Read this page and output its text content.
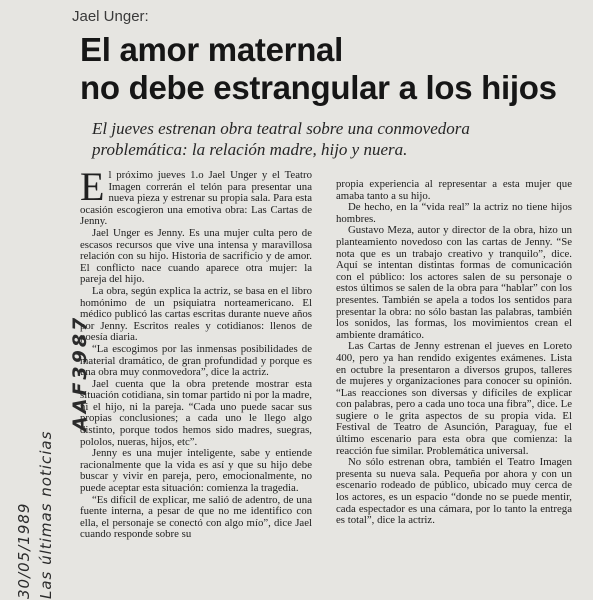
Jael Unger:
El amor maternal
no debe estrangular a los hijos
El jueves estrenan obra teatral sobre una conmovedora problemática: la relación madre, hijo y nuera.

El próximo jueves 1.o Jael Unger y el Teatro Imagen correrán el telón para presentar una nueva pieza y estrenar su propia sala. Para esta ocasión escogieron una emotiva obra: Las Cartas de Jenny.

Jael Unger es Jenny. Es una mujer culta pero de escasos recursos que vive una intensa y maravillosa relación con su hijo. Historia de sacrificio y de amor. El conflicto nace cuando aparece otra mujer: la pareja del hijo.

La obra, según explica la actriz, se basa en el libro homónimo de un psiquiatra norteamericano. El médico publicó las cartas escritas durante nueve años por Jenny. Escritos reales y cotidianos: llenos de poesía diaria.

“La escogimos por las inmensas posibilidades de material dramático, de gran profundidad y porque es una obra muy conmovedora”, dice la actriz.

Jael cuenta que la obra pretende mostrar esta situación cotidiana, sin tomar partido ni por la madre, ni el hijo, ni la pareja. “Cada uno puede sacar sus propias conclusiones; a cada uno le llego algo distinto, porque todos hemos sido madres, suegras, pololos, nueras, hijos, etc”.

Jenny es una mujer inteligente, sabe y entiende racionalmente que la vida es así y que su hijo debe buscar y vivir en pareja, pero, emocionalmente, no puede aceptar esta situación: comienza la tragedia.

“Es difícil de explicar, me salió de adentro, de una fuente interna, a pesar de que no me identifico con ella, el personaje se conectó con algo mío”, dice Jael cuando responde sobre su

propia experiencia al representar a esta mujer que amaba tanto a su hijo.

De hecho, en la “vida real” la actriz no tiene hijos hombres.

Gustavo Meza, autor y director de la obra, hizo un planteamiento novedoso con las cartas de Jenny. “Se nota que es un trabajo creativo y tranquilo”, dice. Aquí se intentan distintas formas de comunicación con el público: los actores salen de su personaje o estos últimos se salen de la obra para “hablar” con los presentes. También se apela a todos los sentidos para presentar la obra: no sólo bastan las palabras, también los sonidos, las formas, los movimientos crean el ambiente dramático.

Las Cartas de Jenny estrenan el jueves en Loreto 400, pero ya han rendido exigentes exámenes. Lista en octubre la presentaron a diversos grupos, talleres de mujeres y organizaciones para conocer su opinión. “Las reacciones son diversas y difíciles de explicar con palabras, pero a cada uno toca una fibra”, dice. Le sugiere o le grita aspectos de su propia vida. El Festival de Teatro de Asunción, Paraguay, fue el último escenario para esta obra que comienza: la reacción fue similar. Problemática universal.

No sólo estrenan obra, también el Teatro Imagen presenta su nueva sala. Pequeña por ahora y con un escenario rodeado de público, ubicado muy cerca de los actores, es un espacio “donde no se puede mentir, cada espectador es una cámara, por lo tanto la entrega es total”, dice la actriz.

AAF3987
30/05/1989 Las últimas noticias
